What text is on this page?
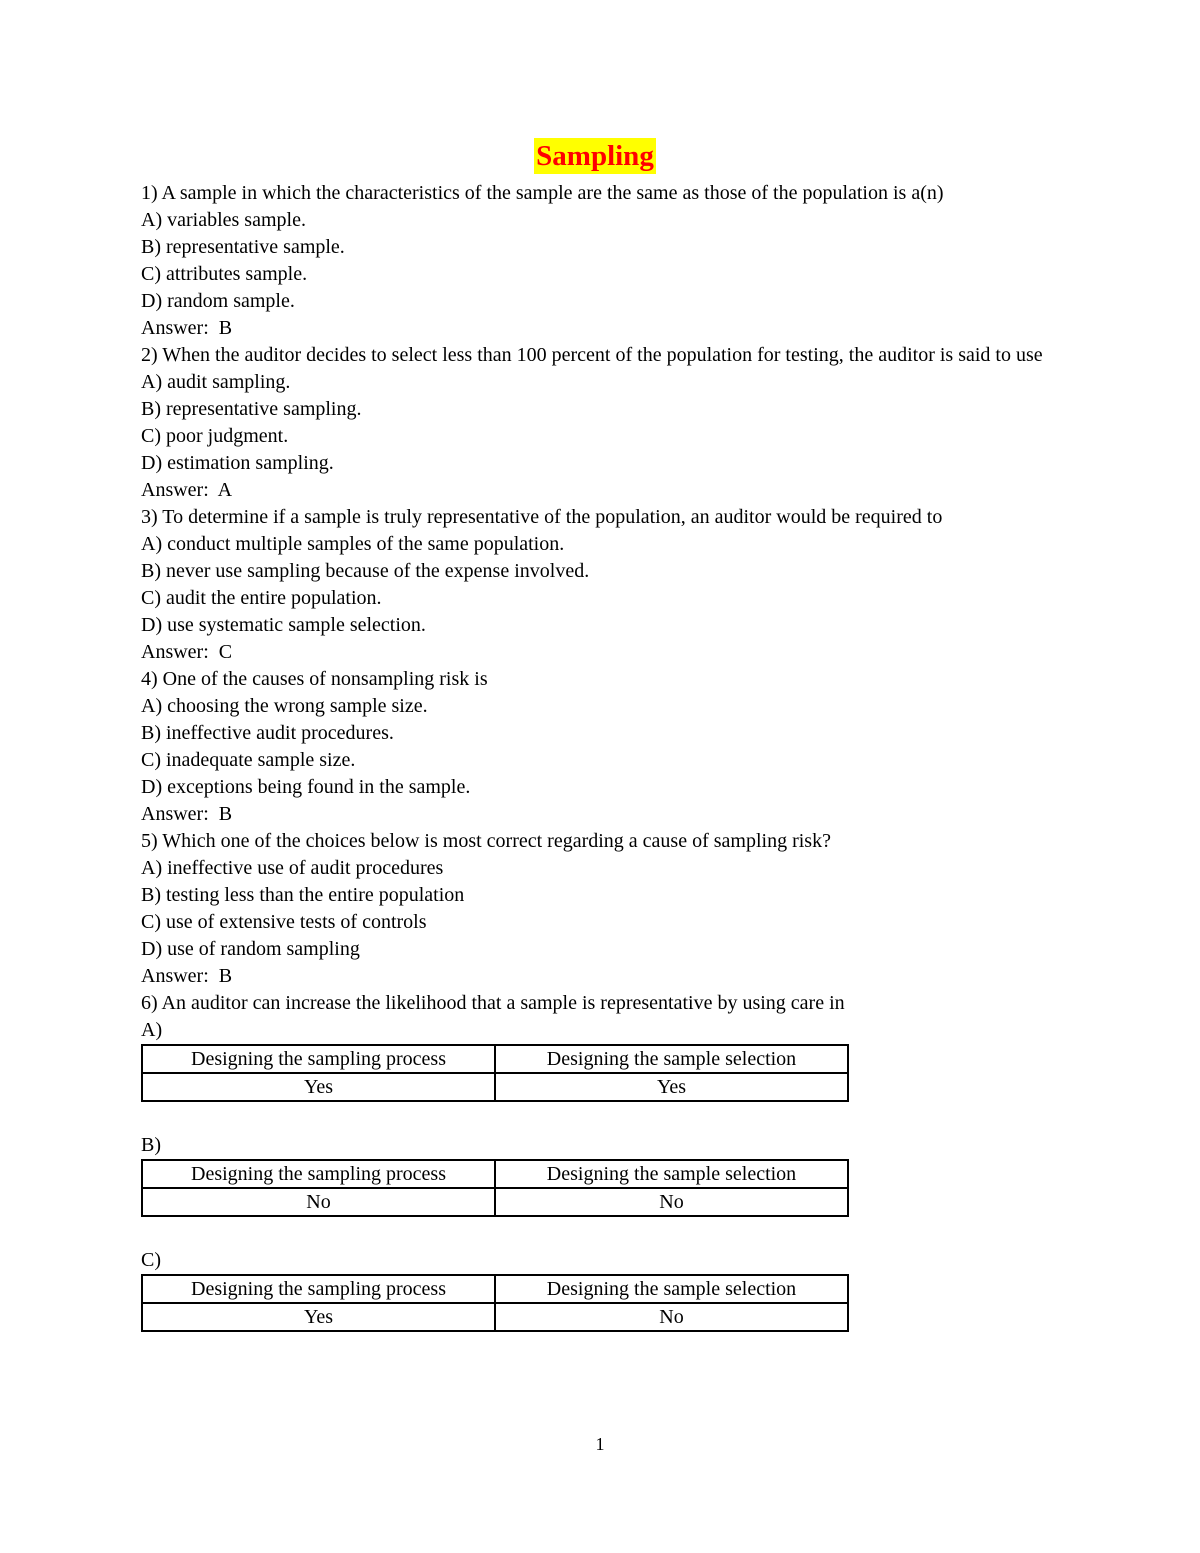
Sampling
1) A sample in which the characteristics of the sample are the same as those of the population is a(n)
A) variables sample.
B) representative sample.
C) attributes sample.
D) random sample.
Answer:  B
2) When the auditor decides to select less than 100 percent of the population for testing, the auditor is said to use
A) audit sampling.
B) representative sampling.
C) poor judgment.
D) estimation sampling.
Answer:  A
3) To determine if a sample is truly representative of the population, an auditor would be required to
A) conduct multiple samples of the same population.
B) never use sampling because of the expense involved.
C) audit the entire population.
D) use systematic sample selection.
Answer:  C
4) One of the causes of nonsampling risk is
A) choosing the wrong sample size.
B) ineffective audit procedures.
C) inadequate sample size.
D) exceptions being found in the sample.
Answer:  B
5) Which one of the choices below is most correct regarding a cause of sampling risk?
A) ineffective use of audit procedures
B) testing less than the entire population
C) use of extensive tests of controls
D) use of random sampling
Answer:  B
6) An auditor can increase the likelihood that a sample is representative by using care in
A)
Designing the sampling process	Designing the sample selection
Yes	Yes
B)
Designing the sampling process	Designing the sample selection
No	No
C)
Designing the sampling process	Designing the sample selection
Yes	No
1
